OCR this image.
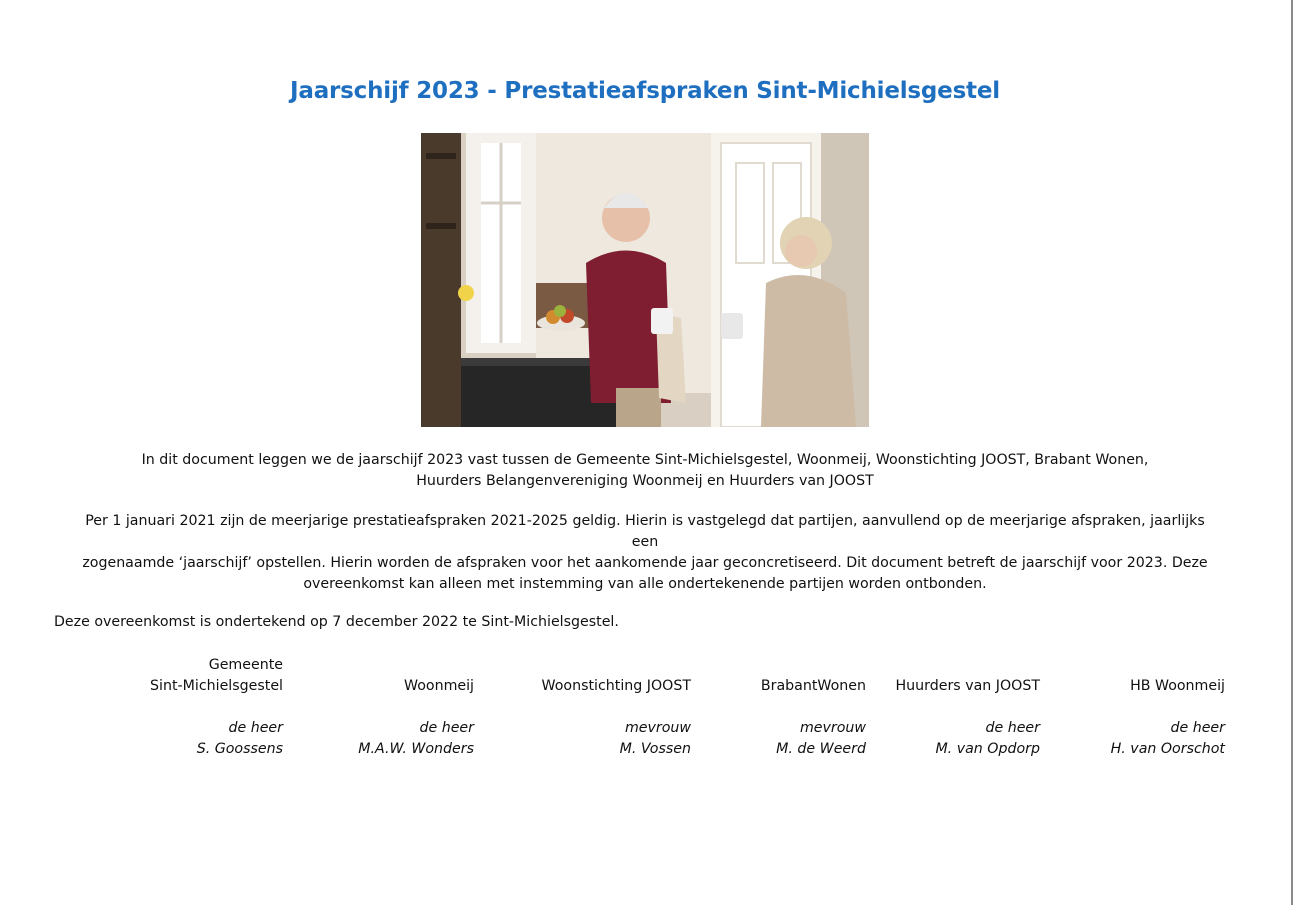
Jaarschijf 2023 - Prestatieafspraken Sint-Michielsgestel
In dit document leggen we de jaarschijf 2023 vast tussen de Gemeente Sint-Michielsgestel, Woonmeij, Woonstichting JOOST, Brabant Wonen,
Huurders Belangenvereniging Woonmeij en Huurders van JOOST
Per 1 januari 2021 zijn de meerjarige prestatieafspraken 2021-2025 geldig. Hierin is vastgelegd dat partijen, aanvullend op de meerjarige afspraken, jaarlijks een
zogenaamde ‘jaarschijf’ opstellen. Hierin worden de afspraken voor het aankomende jaar geconcretiseerd. Dit document betreft de jaarschijf voor 2023. Deze
overeenkomst kan alleen met instemming van alle ondertekenende partijen worden ontbonden.
Deze overeenkomst is ondertekend op 7 december 2022 te Sint-Michielsgestel.
Gemeente
Sint-Michielsgestel
de heer
S. Goossens
Woonmeij
de heer
M.A.W. Wonders
Woonstichting JOOST
mevrouw
M. Vossen
BrabantWonen
mevrouw
M. de Weerd
Huurders van JOOST
de heer
M. van Opdorp
HB Woonmeij
de heer
H. van Oorschot
